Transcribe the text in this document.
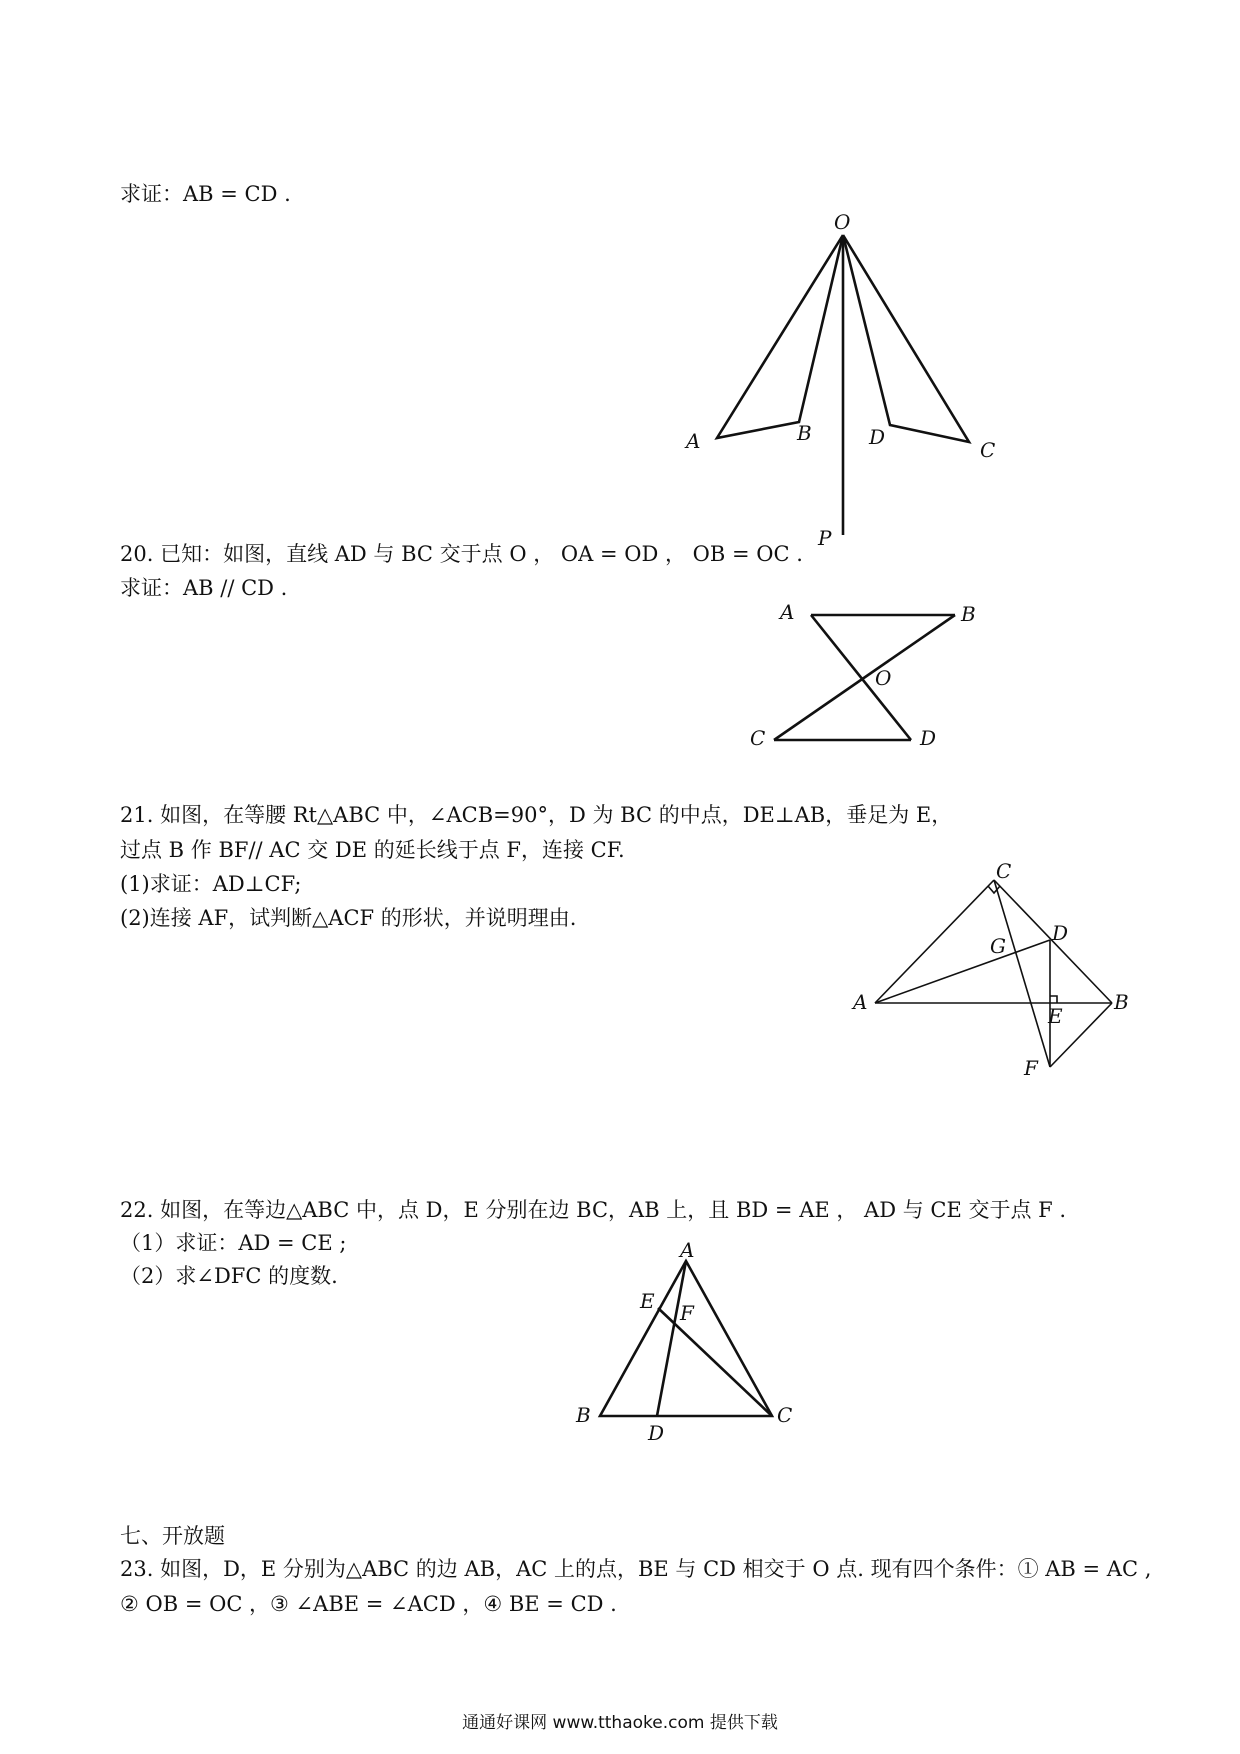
求证：AB = CD .
O
A	B	D
C
P
A	B
O
C	D
C
D
G
A	B
E
F
A
E F
B
D
C
20. 已知：如图，直线 AD 与 BC 交于点 O ， OA = OD ， OB = OC .
求证：AB // CD .
21. 如图，在等腰 Rt△ABC 中，∠ACB=90°，D 为 BC 的中点，DE⊥AB，垂足为 E，
过点 B 作 BF// AC 交 DE 的延长线于点 F，连接 CF.
(1)求证：AD⊥CF;
(2)连接 AF，试判断△ACF 的形状，并说明理由.
22. 如图，在等边△ABC 中，点 D，E 分别在边 BC，AB 上，且 BD = AE ， AD 与 CE 交于点 F .
（1）求证：AD = CE ;
（2）求∠DFC 的度数.
七、开放题
23. 如图，D，E 分别为△ABC 的边 AB，AC 上的点，BE 与 CD 相交于 O 点. 现有四个条件：① AB = AC ,
② OB = OC ，③ ∠ABE = ∠ACD ，④ BE = CD .
通通好课网 www.tthaoke.com 提供下载
